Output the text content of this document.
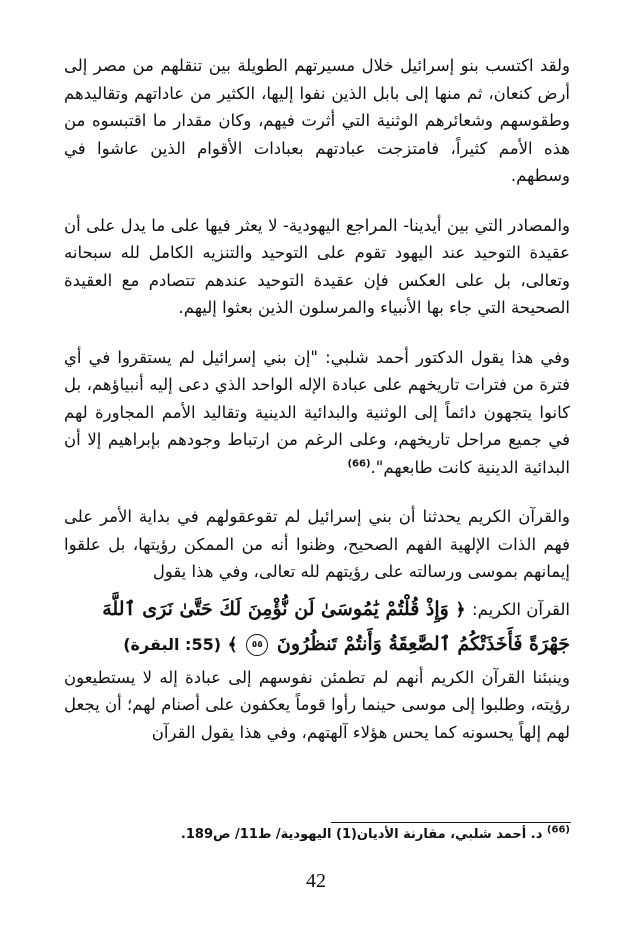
ولقد اكتسب بنو إسرائيل خلال مسيرتهم الطويلة بين تنقلهم من مصر إلى أرض كنعان، ثم منها إلى بابل الذين نفوا إليها، الكثير من عاداتهم وتقاليدهم وطقوسهم وشعائرهم الوثنية التي أثرت فيهم، وكان مقدار ما اقتبسوه من هذه الأمم كثيراً، فامتزجت عبادتهم بعبادات الأقوام الذين عاشوا في وسطهم.

والمصادر التي بين أيدينا- المراجع اليهودية- لا يعثر فيها على ما يدل على أن عقيدة التوحيد عند اليهود تقوم على التوحيد والتنزيه الكامل لله سبحانه وتعالى، بل على العكس فإن عقيدة التوحيد عندهم تتصادم مع العقيدة الصحيحة التي جاء بها الأنبياء والمرسلون الذين بعثوا إليهم.

وفي هذا يقول الدكتور أحمد شلبي: "إن بني إسرائيل لم يستقروا في أي فترة من فترات تاريخهم على عبادة الإله الواحد الذي دعى إليه أنبياؤهم، بل كانوا يتجهون دائماً إلى الوثنية والبدائية الدينية وتقاليد الأمم المجاورة لهم في جميع مراحل تاريخهم، وعلى الرغم من ارتباط وجودهم بإبراهيم إلا أن البدائية الدينية كانت طابعهم".$^{(66)}$

والقرآن الكريم يحدثنا أن بني إسرائيل لم تقوعقولهم في بداية الأمر على فهم الذات الإلهية الفهم الصحيح، وظنوا أنه من الممكن رؤيتها، بل علقوا إيمانهم بموسى ورسالته على رؤيتهم لله تعالى، وفي هذا يقول

القرآن الكريم: ﴿ وَإِذْ قُلْتُمْ يَٰمُوسَىٰ لَن نُّؤْمِنَ لَكَ حَتَّىٰ نَرَى ٱللَّهَ جَهْرَةً فَأَخَذَتْكُمُ ٱلصَّٰعِقَةُ وَأَنتُمْ تَنظُرُونَ ٥٥ ﴾ (55: البقرة)

وينبئنا القرآن الكريم أنهم لم تطمئن نفوسهم إلى عبادة إله لا يستطيعون رؤيته، وطلبوا إلى موسى حينما رأوا قوماً يعكفون على أصنام لهم؛ أن يجعل لهم إلهاً يحسونه كما يحس هؤلاء آلهتهم، وفي هذا يقول القرآن

$^{(66)}$ د. أحمد شلبي، مقارنة الأديان(1) اليهودية/ ط11/ ص189.
42
